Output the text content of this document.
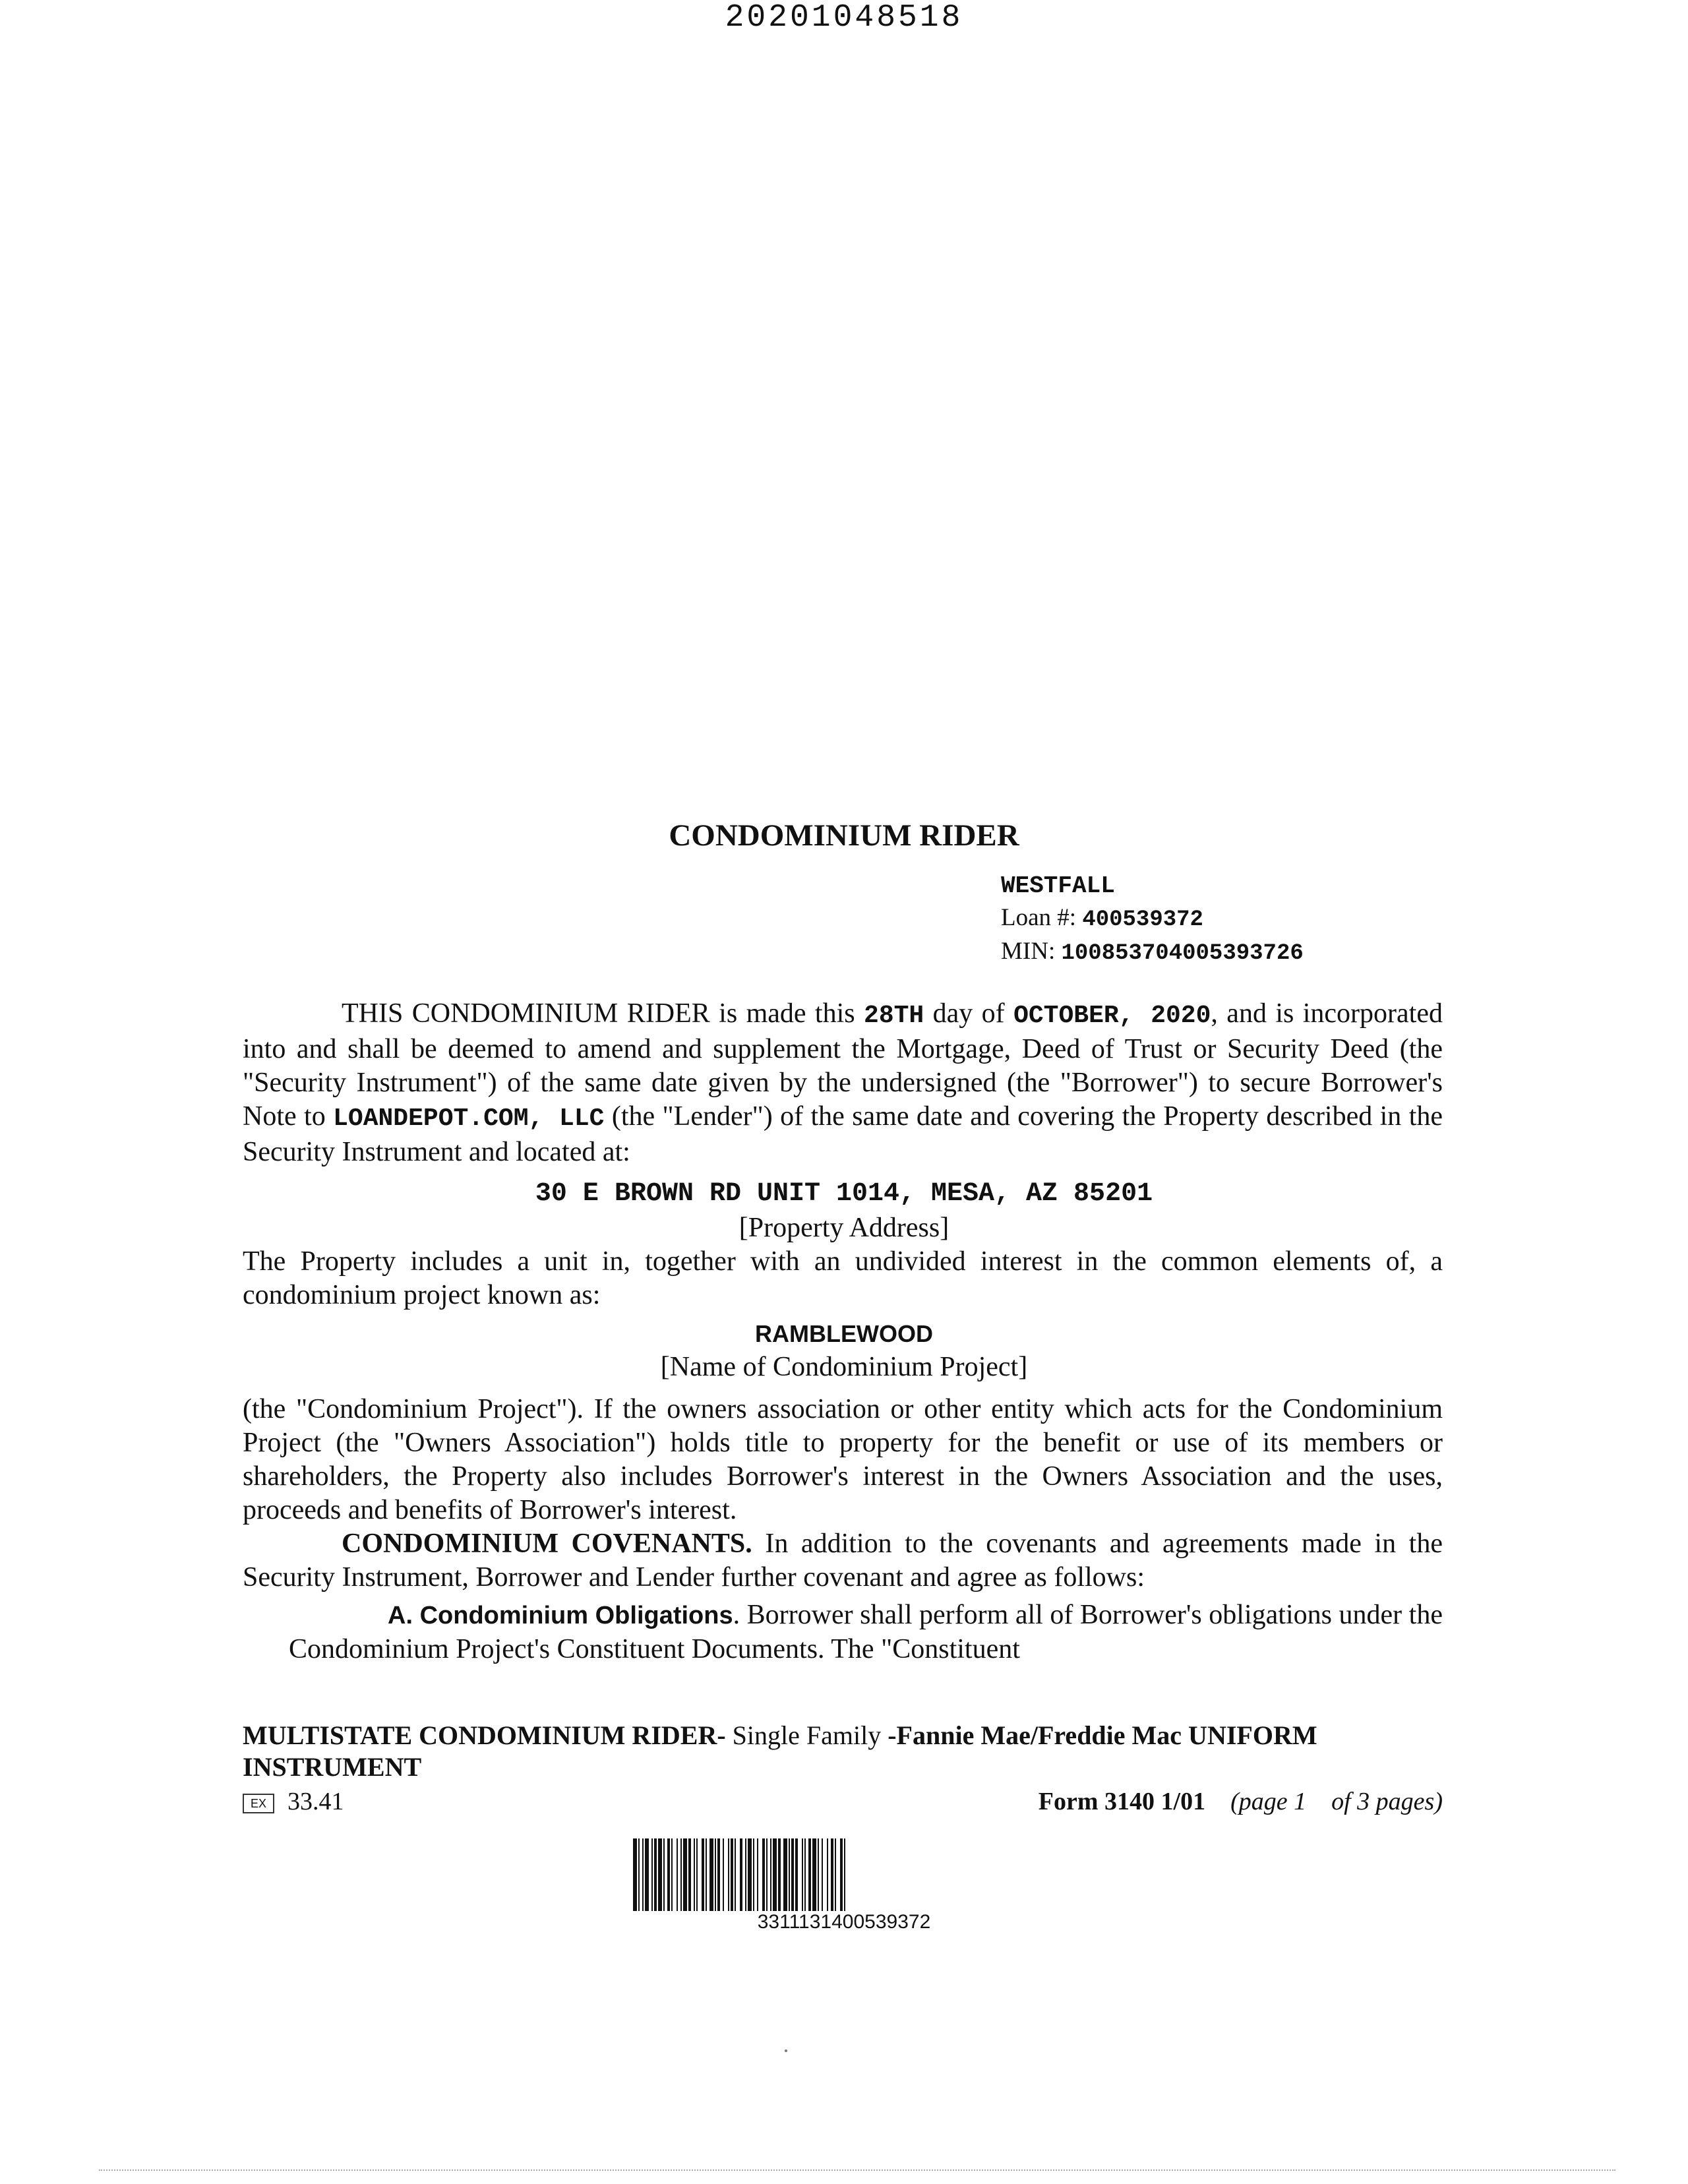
20201048518
CONDOMINIUM RIDER
WESTFALL
Loan #: 400539372
MIN: 100853704005393726
THIS CONDOMINIUM RIDER is made this 28TH day of OCTOBER, 2020, and is incorporated into and shall be deemed to amend and supplement the Mortgage, Deed of Trust or Security Deed (the "Security Instrument") of the same date given by the undersigned (the "Borrower") to secure Borrower's Note to LOANDEPOT.COM, LLC (the "Lender") of the same date and covering the Property described in the Security Instrument and located at:
30 E BROWN RD UNIT 1014, MESA, AZ 85201
[Property Address]
The Property includes a unit in, together with an undivided interest in the common elements of, a condominium project known as:
RAMBLEWOOD
[Name of Condominium Project]
(the "Condominium Project"). If the owners association or other entity which acts for the Condominium Project (the "Owners Association") holds title to property for the benefit or use of its members or shareholders, the Property also includes Borrower's interest in the Owners Association and the uses, proceeds and benefits of Borrower's interest.
CONDOMINIUM COVENANTS. In addition to the covenants and agreements made in the Security Instrument, Borrower and Lender further covenant and agree as follows:
A. Condominium Obligations. Borrower shall perform all of Borrower's obligations under the Condominium Project's Constituent Documents. The "Constituent
MULTISTATE CONDOMINIUM RIDER- Single Family -Fannie Mae/Freddie Mac UNIFORM INSTRUMENT
EX 33.41	Form 3140 1/01 (page 1 of 3 pages)
3311131400539372
